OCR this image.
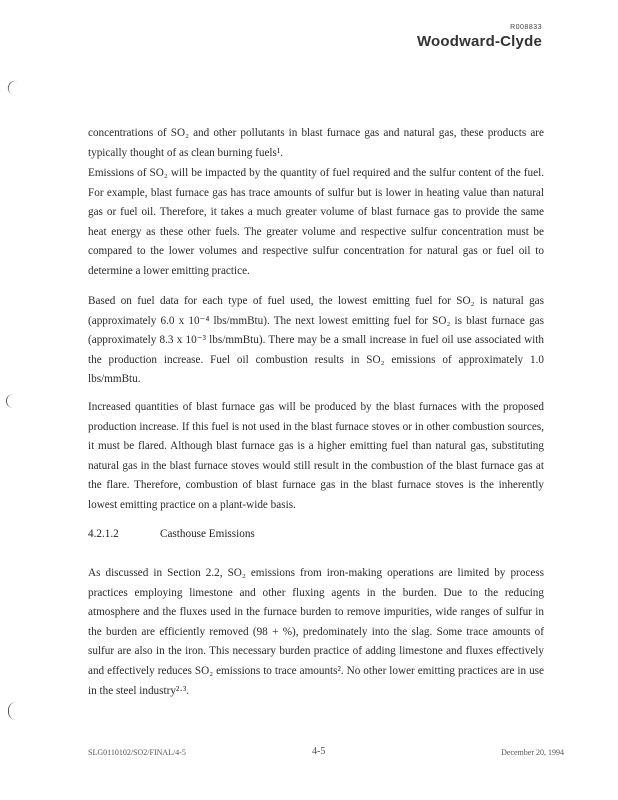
R008833
Woodward-Clyde

concentrations of SO₂ and other pollutants in blast furnace gas and natural gas, these products are typically thought of as clean burning fuels¹.

Emissions of SO₂ will be impacted by the quantity of fuel required and the sulfur content of the fuel. For example, blast furnace gas has trace amounts of sulfur but is lower in heating value than natural gas or fuel oil. Therefore, it takes a much greater volume of blast furnace gas to provide the same heat energy as these other fuels. The greater volume and respective sulfur concentration must be compared to the lower volumes and respective sulfur concentration for natural gas or fuel oil to determine a lower emitting practice.

Based on fuel data for each type of fuel used, the lowest emitting fuel for SO₂ is natural gas (approximately 6.0 x 10⁻⁴ lbs/mmBtu). The next lowest emitting fuel for SO₂ is blast furnace gas (approximately 8.3 x 10⁻³ lbs/mmBtu). There may be a small increase in fuel oil use associated with the production increase. Fuel oil combustion results in SO₂ emissions of approximately 1.0 lbs/mmBtu.

Increased quantities of blast furnace gas will be produced by the blast furnaces with the proposed production increase. If this fuel is not used in the blast furnace stoves or in other combustion sources, it must be flared. Although blast furnace gas is a higher emitting fuel than natural gas, substituting natural gas in the blast furnace stoves would still result in the combustion of the blast furnace gas at the flare. Therefore, combustion of blast furnace gas in the blast furnace stoves is the inherently lowest emitting practice on a plant-wide basis.

4.2.1.2	Casthouse Emissions

As discussed in Section 2.2, SO₂ emissions from iron-making operations are limited by process practices employing limestone and other fluxing agents in the burden. Due to the reducing atmosphere and the fluxes used in the furnace burden to remove impurities, wide ranges of sulfur in the burden are efficiently removed (98 + %), predominately into the slag. Some trace amounts of sulfur are also in the iron. This necessary burden practice of adding limestone and fluxes effectively and effectively reduces SO₂ emissions to trace amounts². No other lower emitting practices are in use in the steel industry²·³.

SLG0110102/SO2/FINAL/4-5	4-5	December 20, 1994
